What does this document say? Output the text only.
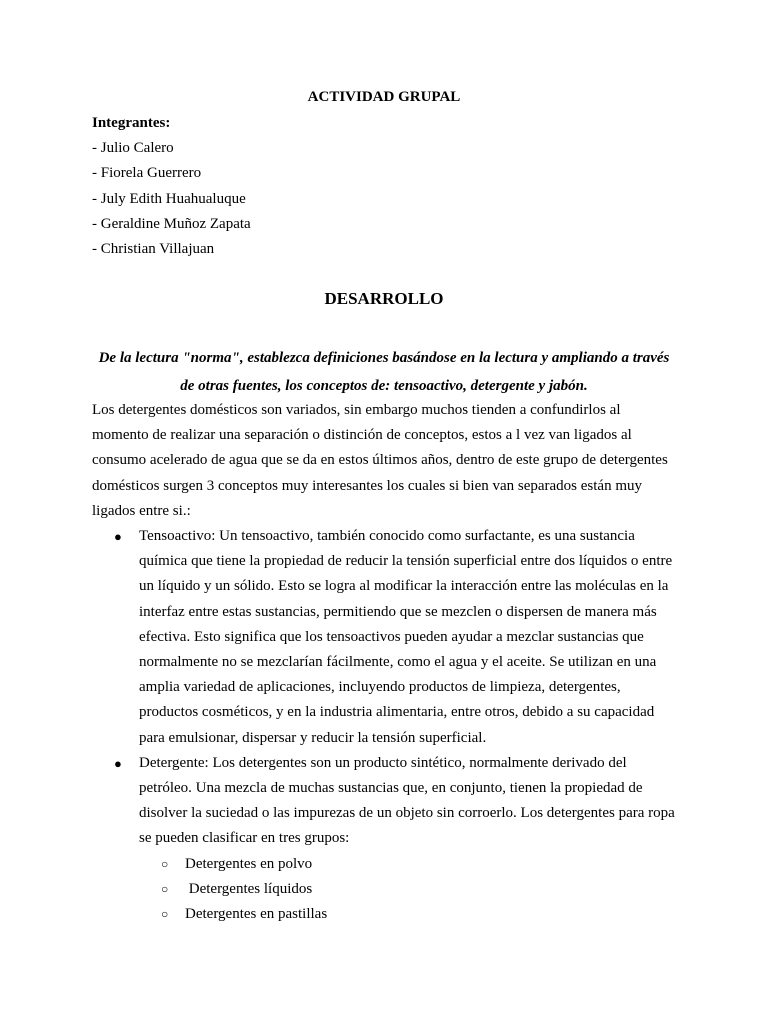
ACTIVIDAD GRUPAL
Integrantes:
- Julio Calero
- Fiorela Guerrero
- July Edith Huahualuque
- Geraldine Muñoz Zapata
- Christian Villajuan
DESARROLLO
De la lectura "norma", establezca definiciones basándose en la lectura y ampliando a través de otras fuentes, los conceptos de: tensoactivo, detergente y jabón.

Los detergentes domésticos son variados, sin embargo muchos tienden a confundirlos al momento de realizar una separación o distinción de conceptos, estos a l vez van ligados al consumo acelerado de agua que se da en estos últimos años, dentro de este grupo de detergentes domésticos surgen 3 conceptos muy interesantes los cuales si bien van separados están muy ligados entre si.:

● Tensoactivo: Un tensoactivo, también conocido como surfactante, es una sustancia química que tiene la propiedad de reducir la tensión superficial entre dos líquidos o entre un líquido y un sólido. Esto se logra al modificar la interacción entre las moléculas en la interfaz entre estas sustancias, permitiendo que se mezclen o dispersen de manera más efectiva. Esto significa que los tensoactivos pueden ayudar a mezclar sustancias que normalmente no se mezclarían fácilmente, como el agua y el aceite. Se utilizan en una amplia variedad de aplicaciones, incluyendo productos de limpieza, detergentes, productos cosméticos, y en la industria alimentaria, entre otros, debido a su capacidad para emulsionar, dispersar y reducir la tensión superficial.
● Detergente: Los detergentes son un producto sintético, normalmente derivado del petróleo. Una mezcla de muchas sustancias que, en conjunto, tienen la propiedad de disolver la suciedad o las impurezas de un objeto sin corroerlo. Los detergentes para ropa se pueden clasificar en tres grupos:
○ Detergentes en polvo
○ Detergentes líquidos
○ Detergentes en pastillas
